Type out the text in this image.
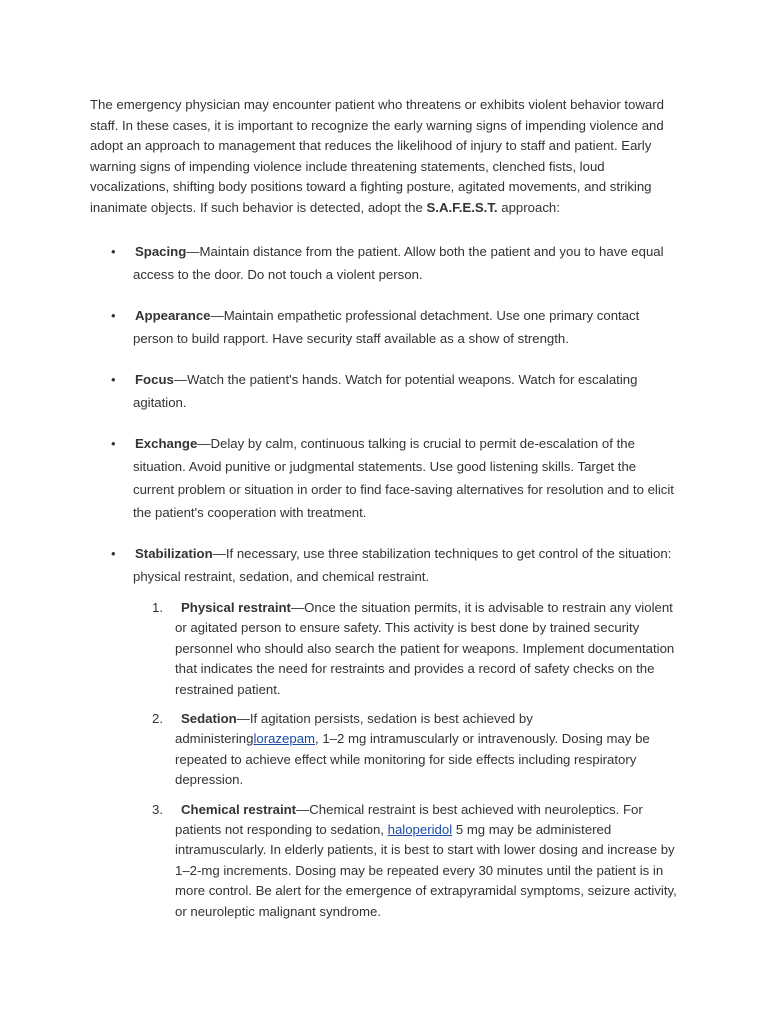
The emergency physician may encounter patient who threatens or exhibits violent behavior toward staff. In these cases, it is important to recognize the early warning signs of impending violence and adopt an approach to management that reduces the likelihood of injury to staff and patient. Early warning signs of impending violence include threatening statements, clenched fists, loud vocalizations, shifting body positions toward a fighting posture, agitated movements, and striking inanimate objects. If such behavior is detected, adopt the S.A.F.E.S.T. approach:

• Spacing—Maintain distance from the patient. Allow both the patient and you to have equal access to the door. Do not touch a violent person.
• Appearance—Maintain empathetic professional detachment. Use one primary contact person to build rapport. Have security staff available as a show of strength.
• Focus—Watch the patient's hands. Watch for potential weapons. Watch for escalating agitation.
• Exchange—Delay by calm, continuous talking is crucial to permit de-escalation of the situation. Avoid punitive or judgmental statements. Use good listening skills. Target the current problem or situation in order to find face-saving alternatives for resolution and to elicit the patient's cooperation with treatment.
• Stabilization—If necessary, use three stabilization techniques to get control of the situation: physical restraint, sedation, and chemical restraint.
1. Physical restraint—Once the situation permits, it is advisable to restrain any violent or agitated person to ensure safety. This activity is best done by trained security personnel who should also search the patient for weapons. Implement documentation that indicates the need for restraints and provides a record of safety checks on the restrained patient.
2. Sedation—If agitation persists, sedation is best achieved by administeringlorazepam, 1–2 mg intramuscularly or intravenously. Dosing may be repeated to achieve effect while monitoring for side effects including respiratory depression.
3. Chemical restraint—Chemical restraint is best achieved with neuroleptics. For patients not responding to sedation, haloperidol 5 mg may be administered intramuscularly. In elderly patients, it is best to start with lower dosing and increase by 1–2-mg increments. Dosing may be repeated every 30 minutes until the patient is in more control. Be alert for the emergence of extrapyramidal symptoms, seizure activity, or neuroleptic malignant syndrome.
